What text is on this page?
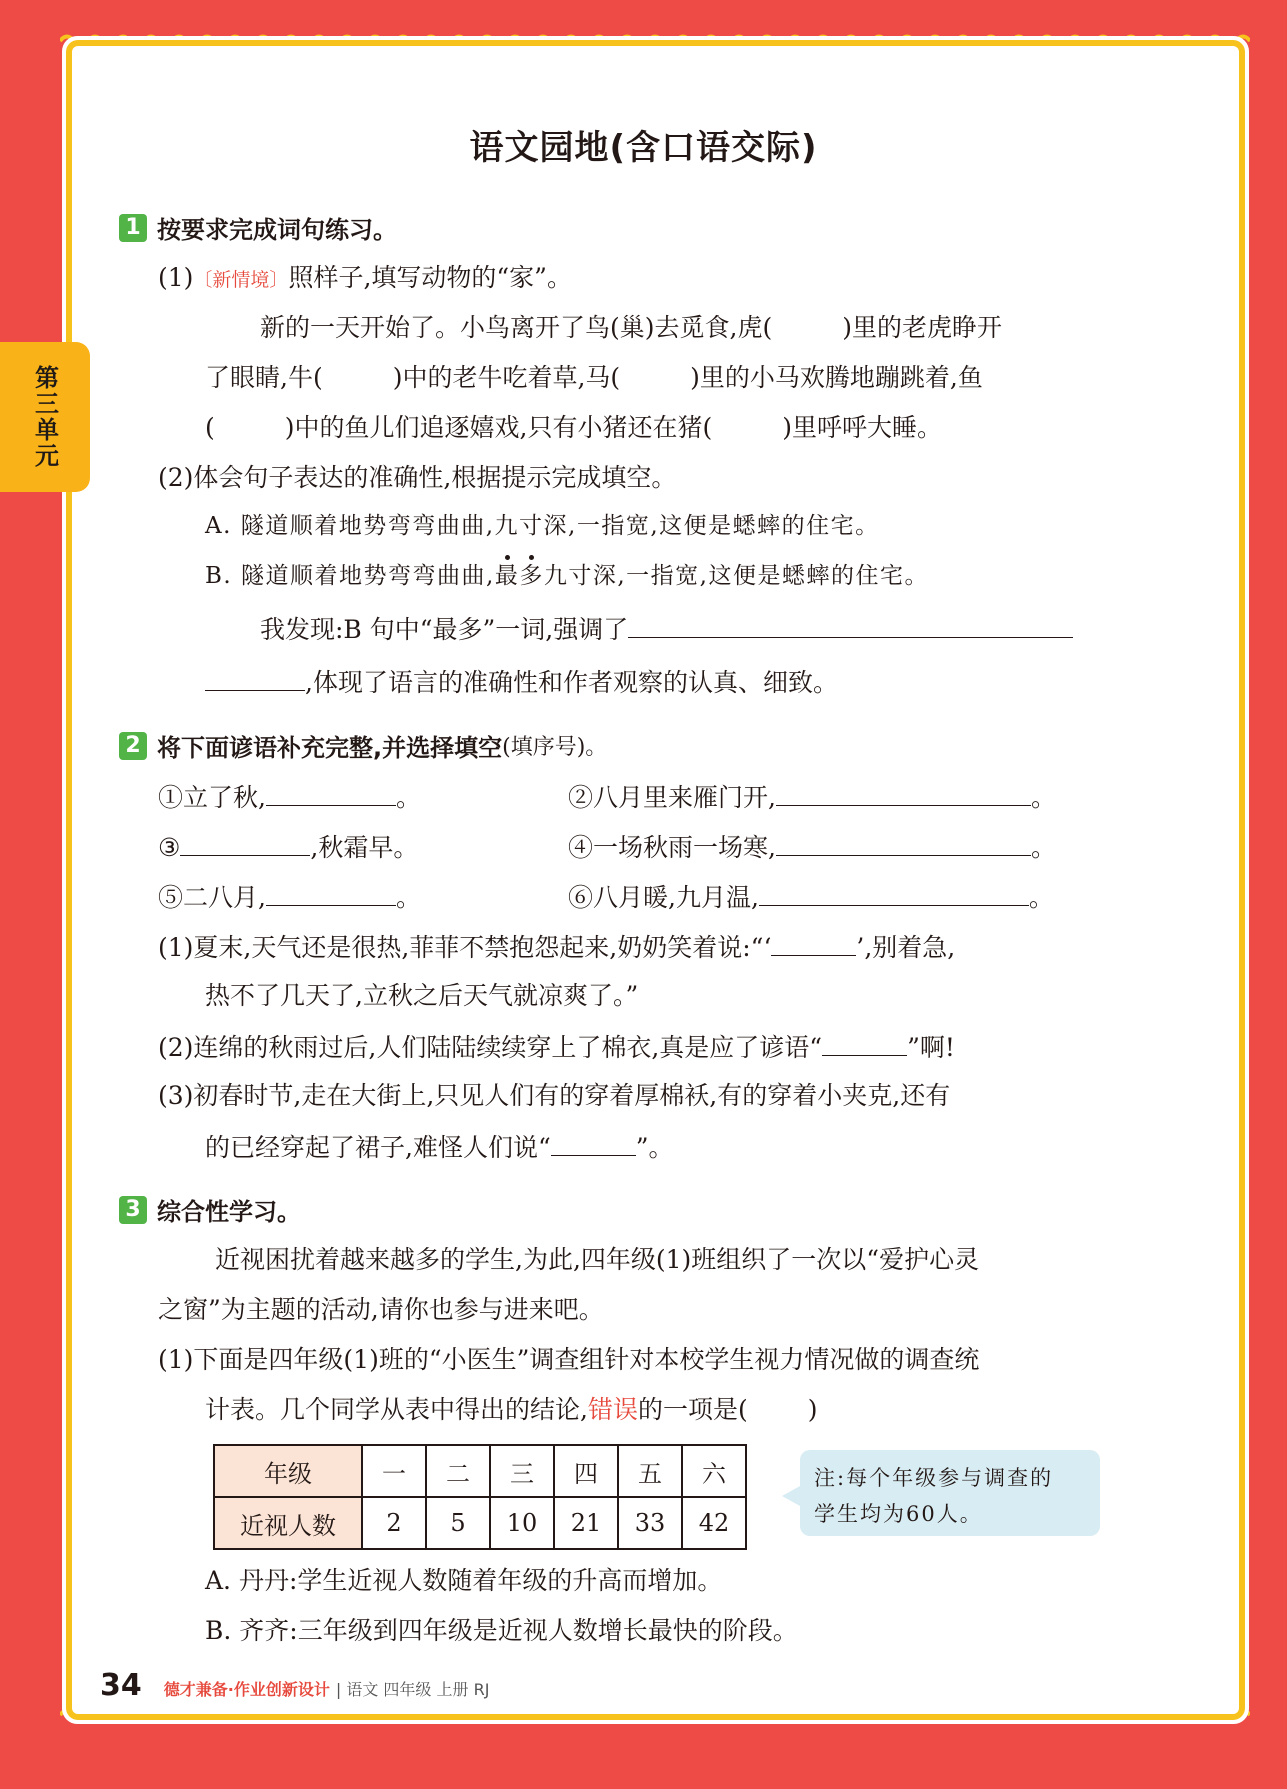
第三单元
语文园地(含口语交际)
1 按要求完成词句练习。
(1)〔新情境〕照样子,填写动物的“家”。
新的一天开始了。小鸟离开了鸟(巢)去觅食,虎(	)里的老虎睁开
了眼睛,牛(	)中的老牛吃着草,马(	)里的小马欢腾地蹦跳着,鱼
(	)中的鱼儿们追逐嬉戏,只有小猪还在猪(	)里呼呼大睡。
(2)体会句子表达的准确性,根据提示完成填空。
A. 隧道顺着地势弯弯曲曲,九寸深,一指宽,这便是蟋蟀的住宅。
B. 隧道顺着地势弯弯曲曲,最多九寸深,一指宽,这便是蟋蟀的住宅。
我发现:B 句中“最多”一词,强调了
,体现了语言的准确性和作者观察的认真、细致。
2 将下面谚语补充完整,并选择填空 (填序号)。
①立了秋,	。	②八月里来雁门开,	。
③	,秋霜早。	④一场秋雨一场寒,	。
⑤二八月,	。	⑥八月暖,九月温,	。
(1)夏末,天气还是很热,菲菲不禁抱怨起来,奶奶笑着说:“‘	’,别着急,
热不了几天了,立秋之后天气就凉爽了。”
(2)连绵的秋雨过后,人们陆陆续续穿上了棉衣,真是应了谚语“	”啊!
(3)初春时节,走在大街上,只见人们有的穿着厚棉袄,有的穿着小夹克,还有
的已经穿起了裙子,难怪人们说“	”。
3 综合性学习。
近视困扰着越来越多的学生,为此,四年级(1)班组织了一次以“爱护心灵
之窗”为主题的活动,请你也参与进来吧。
(1)下面是四年级(1)班的“小医生”调查组针对本校学生视力情况做的调查统
计表。几个同学从表中得出的结论,错误的一项是( )
年级	一	二	三	四	五	六
近视人数	2	5	10	21	33	42
注:每个年级参与调查的
学生均为60人。
A. 丹丹:学生近视人数随着年级的升高而增加。
B. 齐齐:三年级到四年级是近视人数增长最快的阶段。
34 德才兼备·作业创新设计 | 语文 四年级 上册 RJ
